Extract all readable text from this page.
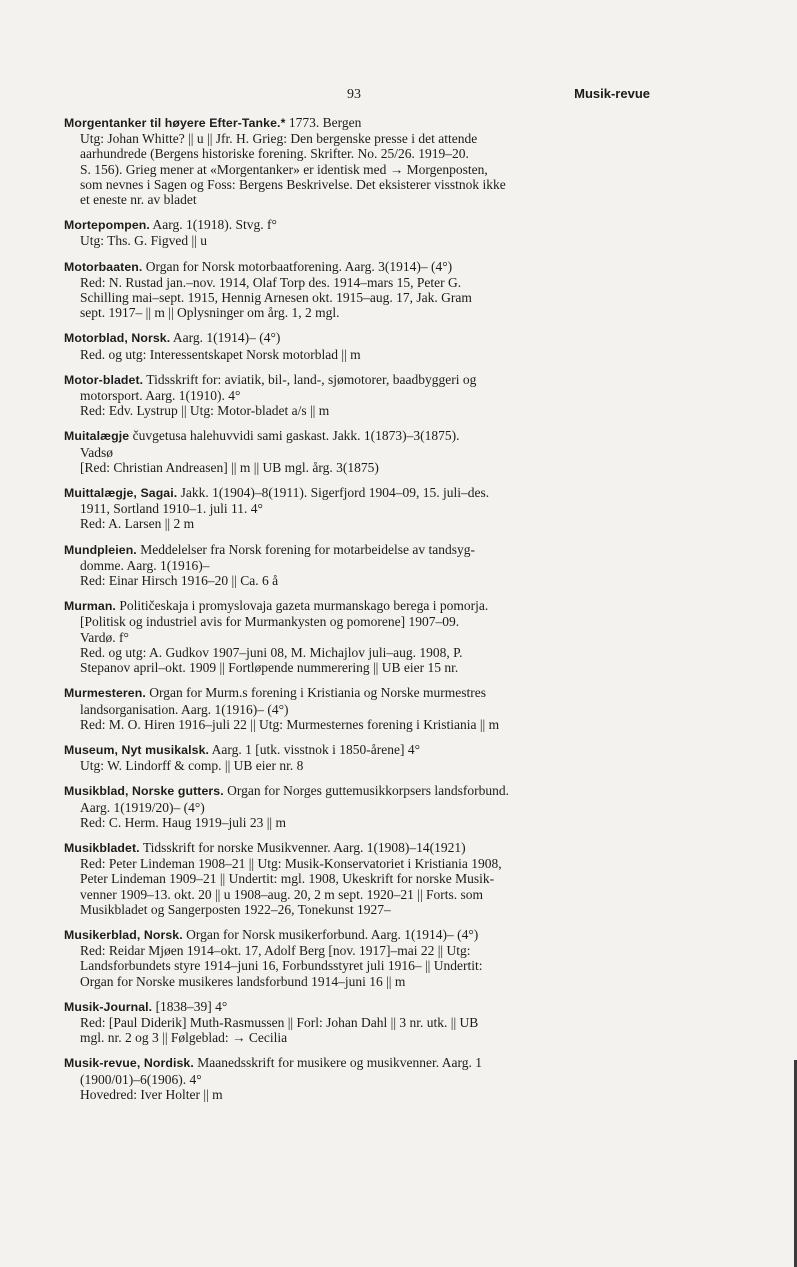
93	Musik-revue
Morgentanker til høyere Efter-Tanke.* 1773. Bergen
Utg: Johan Whitte? || u || Jfr. H. Grieg: Den bergenske presse i det attende
aarhundrede (Bergens historiske forening. Skrifter. No. 25/26. 1919–20.
S. 156). Grieg mener at «Morgentanker» er identisk med → Morgenposten,
som nevnes i Sagen og Foss: Bergens Beskrivelse. Det eksisterer visstnok ikke
et eneste nr. av bladet
Mortepompen. Aarg. 1(1918). Stvg. f°
Utg: Ths. G. Figved || u
Motorbaaten. Organ for Norsk motorbaatforening. Aarg. 3(1914)– (4°)
Red: N. Rustad jan.–nov. 1914, Olaf Torp des. 1914–mars 15, Peter G.
Schilling mai–sept. 1915, Hennig Arnesen okt. 1915–aug. 17, Jak. Gram
sept. 1917– || m || Oplysninger om årg. 1, 2 mgl.
Motorblad, Norsk. Aarg. 1(1914)– (4°)
Red. og utg: Interessentskapet Norsk motorblad || m
Motor-bladet. Tidsskrift for: aviatik, bil-, land-, sjømotorer, baadbyggeri og
motorsport. Aarg. 1(1910). 4°
Red: Edv. Lystrup || Utg: Motor-bladet a/s || m
Muitalægje čuvgetusa halehuvvidi sami gaskast. Jakk. 1(1873)–3(1875).
Vadsø
[Red: Christian Andreasen] || m || UB mgl. årg. 3(1875)
Muittalægje, Sagai. Jakk. 1(1904)–8(1911). Sigerfjord 1904–09, 15. juli–des.
1911, Sortland 1910–1. juli 11. 4°
Red: A. Larsen || 2 m
Mundpleien. Meddelelser fra Norsk forening for motarbeidelse av tandsyg-
domme. Aarg. 1(1916)–
Red: Einar Hirsch 1916–20 || Ca. 6 å
Murman. Političeskaja i promyslovaja gazeta murmanskago berega i pomorja.
[Politisk og industriel avis for Murmankysten og pomorene] 1907–09.
Vardø. f°
Red. og utg: A. Gudkov 1907–juni 08, M. Michajlov juli–aug. 1908, P.
Stepanov april–okt. 1909 || Fortløpende nummerering || UB eier 15 nr.
Murmesteren. Organ for Murm.s forening i Kristiania og Norske murmestres
landsorganisation. Aarg. 1(1916)– (4°)
Red: M. O. Hiren 1916–juli 22 || Utg: Murmesternes forening i Kristiania || m
Museum, Nyt musikalsk. Aarg. 1 [utk. visstnok i 1850-årene] 4°
Utg: W. Lindorff & comp. || UB eier nr. 8
Musikblad, Norske gutters. Organ for Norges guttemusikkorpsers landsforbund.
Aarg. 1(1919/20)– (4°)
Red: C. Herm. Haug 1919–juli 23 || m
Musikbladet. Tidsskrift for norske Musikvenner. Aarg. 1(1908)–14(1921)
Red: Peter Lindeman 1908–21 || Utg: Musik-Konservatoriet i Kristiania 1908,
Peter Lindeman 1909–21 || Undertit: mgl. 1908, Ukeskrift for norske Musik-
venner 1909–13. okt. 20 || u 1908–aug. 20, 2 m sept. 1920–21 || Forts. som
Musikbladet og Sangerposten 1922–26, Tonekunst 1927–
Musikerblad, Norsk. Organ for Norsk musikerforbund. Aarg. 1(1914)– (4°)
Red: Reidar Mjøen 1914–okt. 17, Adolf Berg [nov. 1917]–mai 22 || Utg:
Landsforbundets styre 1914–juni 16, Forbundsstyret juli 1916– || Undertit:
Organ for Norske musikeres landsforbund 1914–juni 16 || m
Musik-Journal. [1838–39] 4°
Red: [Paul Diderik] Muth-Rasmussen || Forl: Johan Dahl || 3 nr. utk. || UB
mgl. nr. 2 og 3 || Følgeblad: → Cecilia
Musik-revue, Nordisk. Maanedsskrift for musikere og musikvenner. Aarg. 1
(1900/01)–6(1906). 4°
Hovedred: Iver Holter || m
